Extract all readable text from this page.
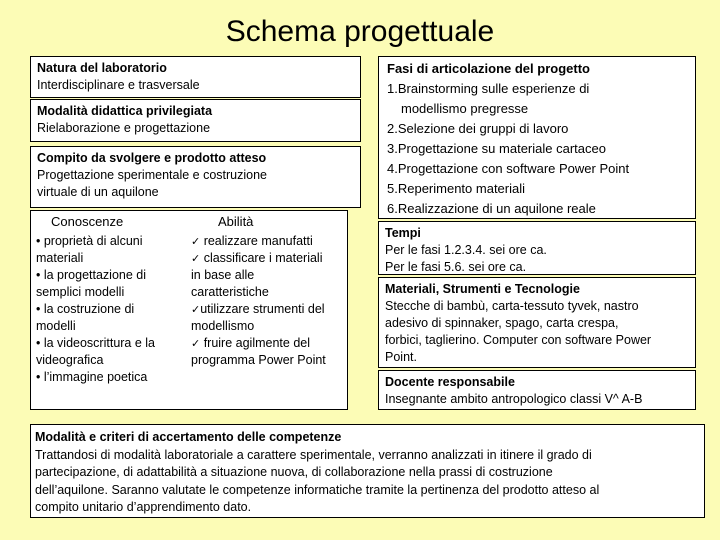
Schema progettuale
Natura del laboratorio
Interdisciplinare e trasversale
Modalità didattica privilegiata
Rielaborazione e progettazione
Compito da svolgere e prodotto atteso
Progettazione sperimentale e costruzione
virtuale di un aquilone
Conoscenze
• proprietà di alcuni
materiali
• la progettazione di
semplici modelli
• la costruzione di
modelli
• la videoscrittura e la
videografica
• l’immagine poetica
Abilità
✓ realizzare manufatti
✓ classificare i materiali
in base alle
caratteristiche
✓utilizzare strumenti del
modellismo
✓ fruire agilmente del
programma Power Point
Fasi di articolazione del progetto
1.Brainstorming sulle esperienze di
modellismo pregresse
2.Selezione dei gruppi di lavoro
3.Progettazione su materiale cartaceo
4.Progettazione con software Power Point
5.Reperimento materiali
6.Realizzazione di un aquilone reale
Tempi
Per le fasi 1.2.3.4. sei ore ca.
Per le fasi 5.6. sei ore ca.
Materiali, Strumenti e Tecnologie
Stecche di bambù, carta-tessuto tyvek, nastro
adesivo di spinnaker, spago, carta crespa,
forbici, taglierino. Computer con software Power
Point.
Docente responsabile
Insegnante ambito antropologico classi V^ A-B
Modalità e criteri di accertamento delle competenze
Trattandosi di modalità laboratoriale a carattere sperimentale, verranno analizzati in itinere il grado di
partecipazione, di adattabilità a situazione nuova, di collaborazione nella prassi di costruzione
dell’aquilone. Saranno valutate le competenze informatiche tramite la pertinenza del prodotto atteso al
compito unitario d’apprendimento dato.
